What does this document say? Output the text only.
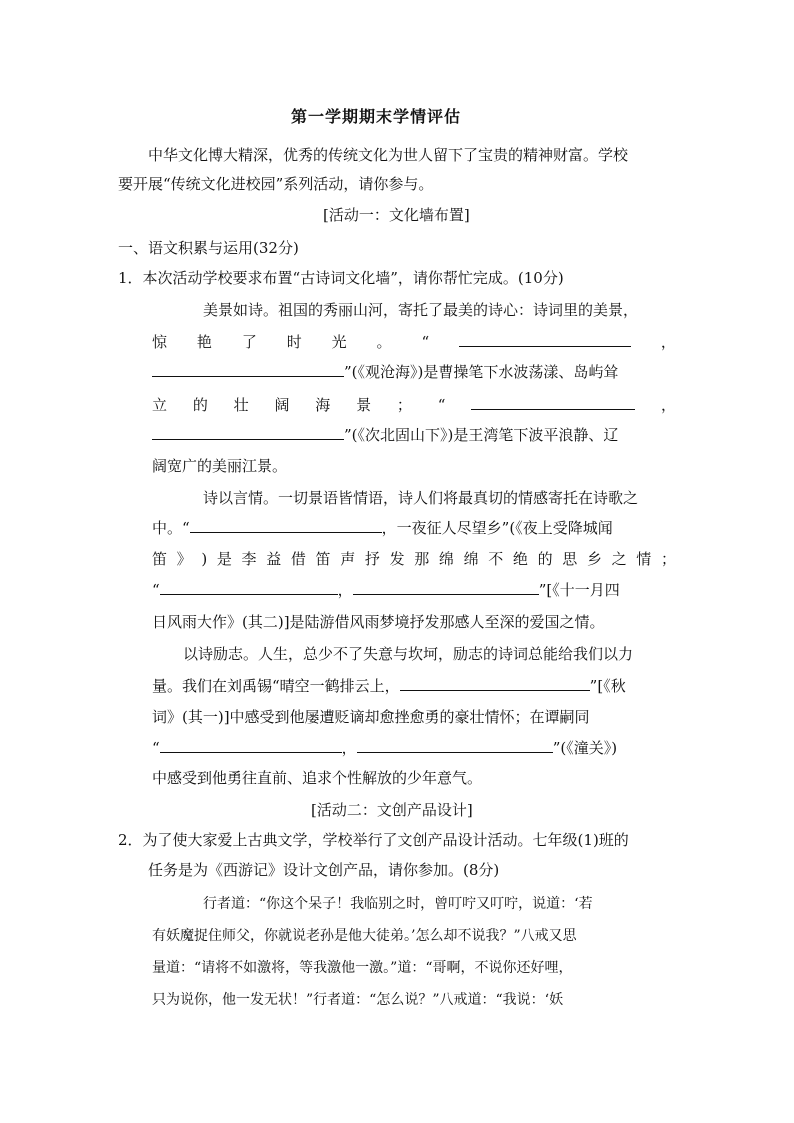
第一学期期末学情评估
中华文化博大精深，优秀的传统文化为世人留下了宝贵的精神财富。学校
要开展“传统文化进校园”系列活动，请你参与。
[活动一：文化墙布置]
一、语文积累与运用(32分)
1．本次活动学校要求布置“古诗词文化墙”，请你帮忙完成。(10分)
美景如诗。祖国的秀丽山河，寄托了最美的诗心：诗词里的美景，
惊 艳 了 时 光 。 “	，
”(《观沧海》)是曹操笔下水波荡漾、岛屿耸
立 的 壮 阔 海 景 ； “	，
”(《次北固山下》)是王湾笔下波平浪静、辽
阔宽广的美丽江景。
诗以言情。一切景语皆情语，诗人们将最真切的情感寄托在诗歌之
中。“	，一夜征人尽望乡”(《夜上受降城闻
笛 》 ) 是 李 益 借 笛 声 抒 发 那 绵 绵 不 绝 的 思 乡 之 情 ；
“	，	”[《十一月四
日风雨大作》(其二)]是陆游借风雨梦境抒发那感人至深的爱国之情。
以诗励志。人生，总少不了失意与坎坷，励志的诗词总能给我们以力
量。我们在刘禹锡“晴空一鹤排云上，	”[《秋
词》(其一)]中感受到他屡遭贬谪却愈挫愈勇的豪壮情怀；在谭嗣同
“	，	”(《潼关》)
中感受到他勇往直前、追求个性解放的少年意气。
[活动二：文创产品设计]
2．为了使大家爱上古典文学，学校举行了文创产品设计活动。七年级(1)班的
任务是为《西游记》设计文创产品，请你参加。(8分)
行者道：“你这个呆子！我临别之时，曾叮咛又叮咛，说道：‘若
有妖魔捉住师父，你就说老孙是他大徒弟。’怎么却不说我？”八戒又思
量道：“请将不如激将，等我激他一激。”道：“哥啊，不说你还好哩，
只为说你，他一发无状！”行者道：“怎么说？”八戒道：“我说：‘妖
